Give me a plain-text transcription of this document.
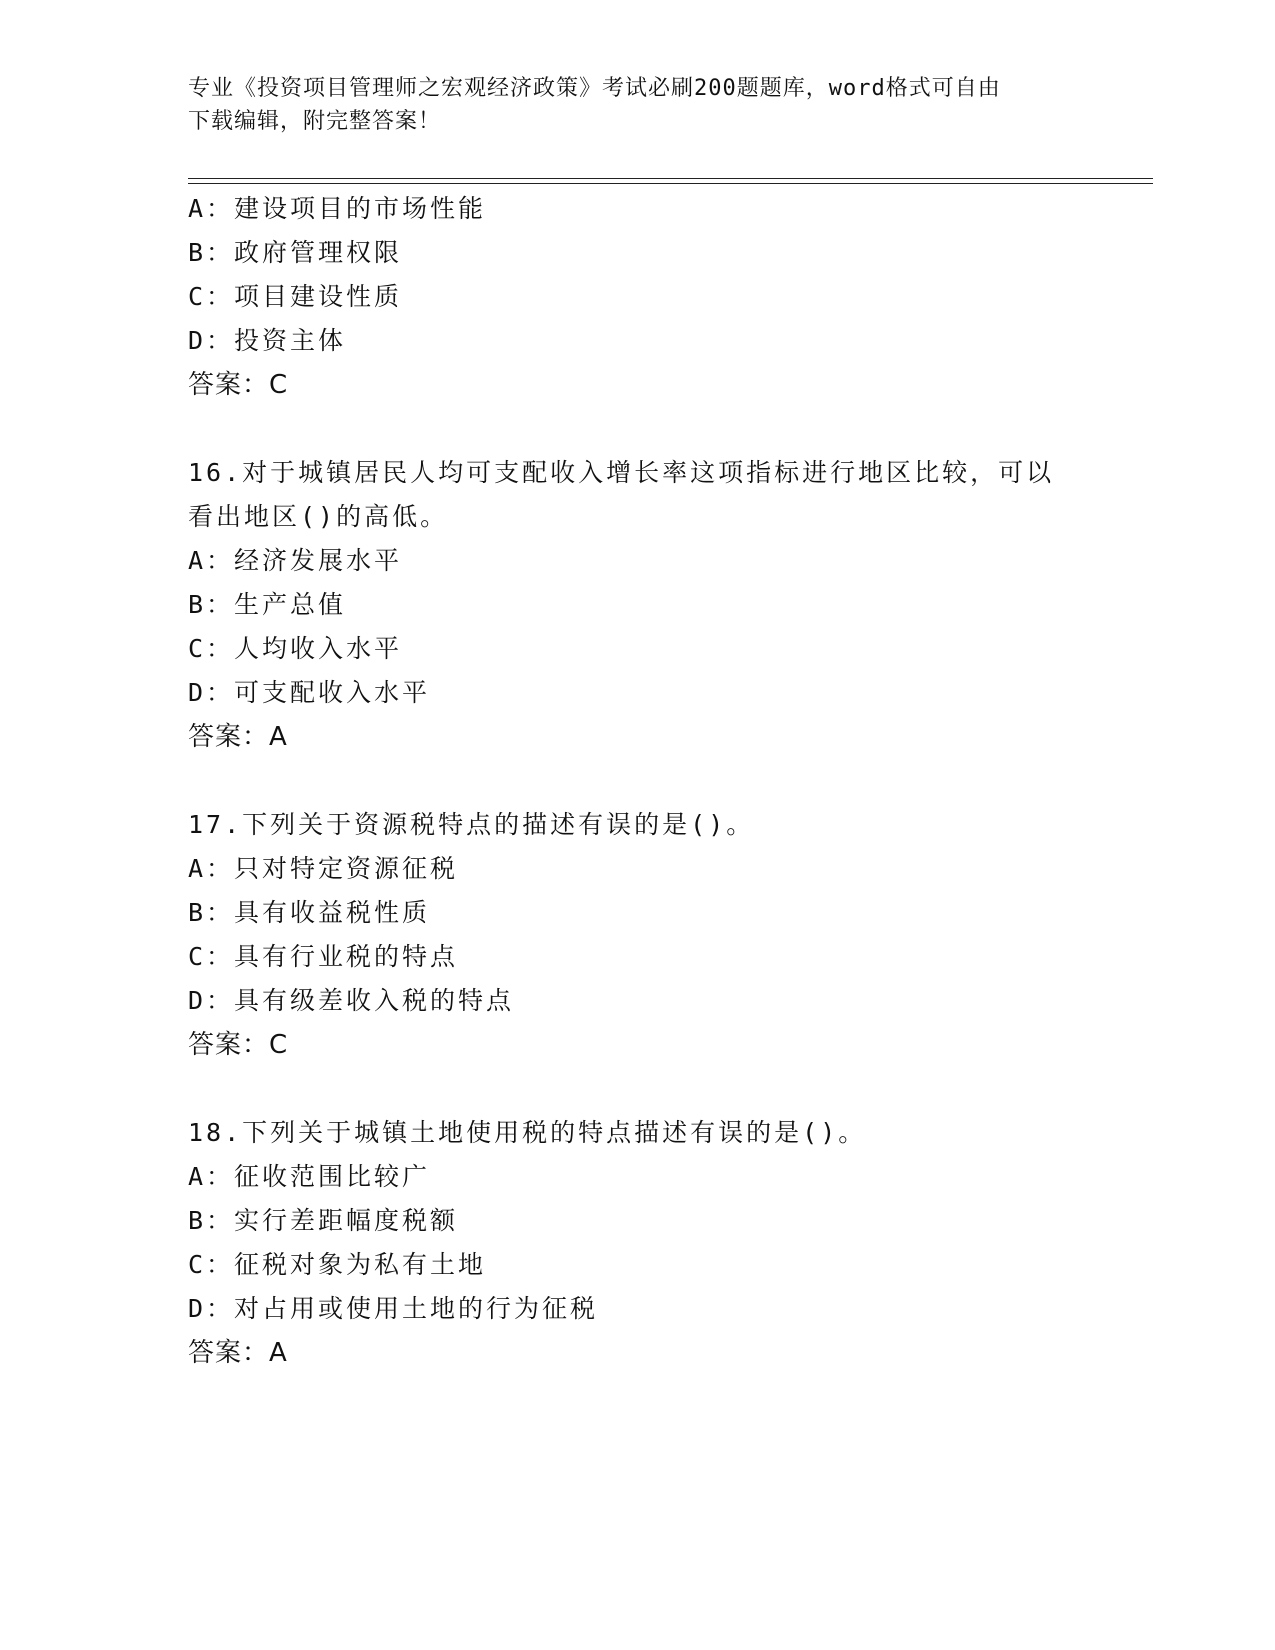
专业《投资项目管理师之宏观经济政策》考试必刷200题题库，word格式可自由
下载编辑，附完整答案！
A：建设项目的市场性能
B：政府管理权限
C：项目建设性质
D：投资主体
答案：C
16.对于城镇居民人均可支配收入增长率这项指标进行地区比较，可以
看出地区()的高低。
A：经济发展水平
B：生产总值
C：人均收入水平
D：可支配收入水平
答案：A
17.下列关于资源税特点的描述有误的是()。
A：只对特定资源征税
B：具有收益税性质
C：具有行业税的特点
D：具有级差收入税的特点
答案：C
18.下列关于城镇土地使用税的特点描述有误的是()。
A：征收范围比较广
B：实行差距幅度税额
C：征税对象为私有土地
D：对占用或使用土地的行为征税
答案：A
